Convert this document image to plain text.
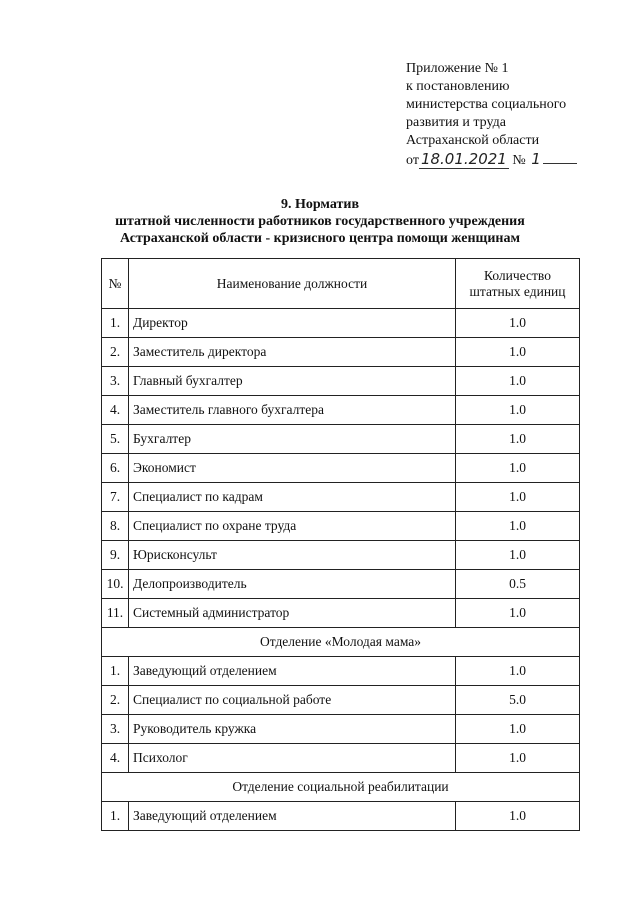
Приложение № 1
к постановлению
министерства социального
развития и труда
Астраханской области
от 18.01.2021 № 1
9. Норматив
штатной численности работников государственного учреждения
Астраханской области - кризисного центра помощи женщинам
№	Наименование должности	Количество
штатных единиц

1.	Директор	1.0
2.	Заместитель директора	1.0
3.	Главный бухгалтер	1.0
4.	Заместитель главного бухгалтера	1.0
5.	Бухгалтер	1.0
6.	Экономист	1.0
7.	Специалист по кадрам	1.0
8.	Специалист по охране труда	1.0
9.	Юрисконсульт	1.0
10.	Делопроизводитель	0.5
11.	Системный администратор	1.0
Отделение «Молодая мама»		
1.	Заведующий отделением	1.0
2.	Специалист по социальной работе	5.0
3.	Руководитель кружка	1.0
4.	Психолог	1.0
Отделение социальной реабилитации		
1.	Заведующий отделением	1.0
